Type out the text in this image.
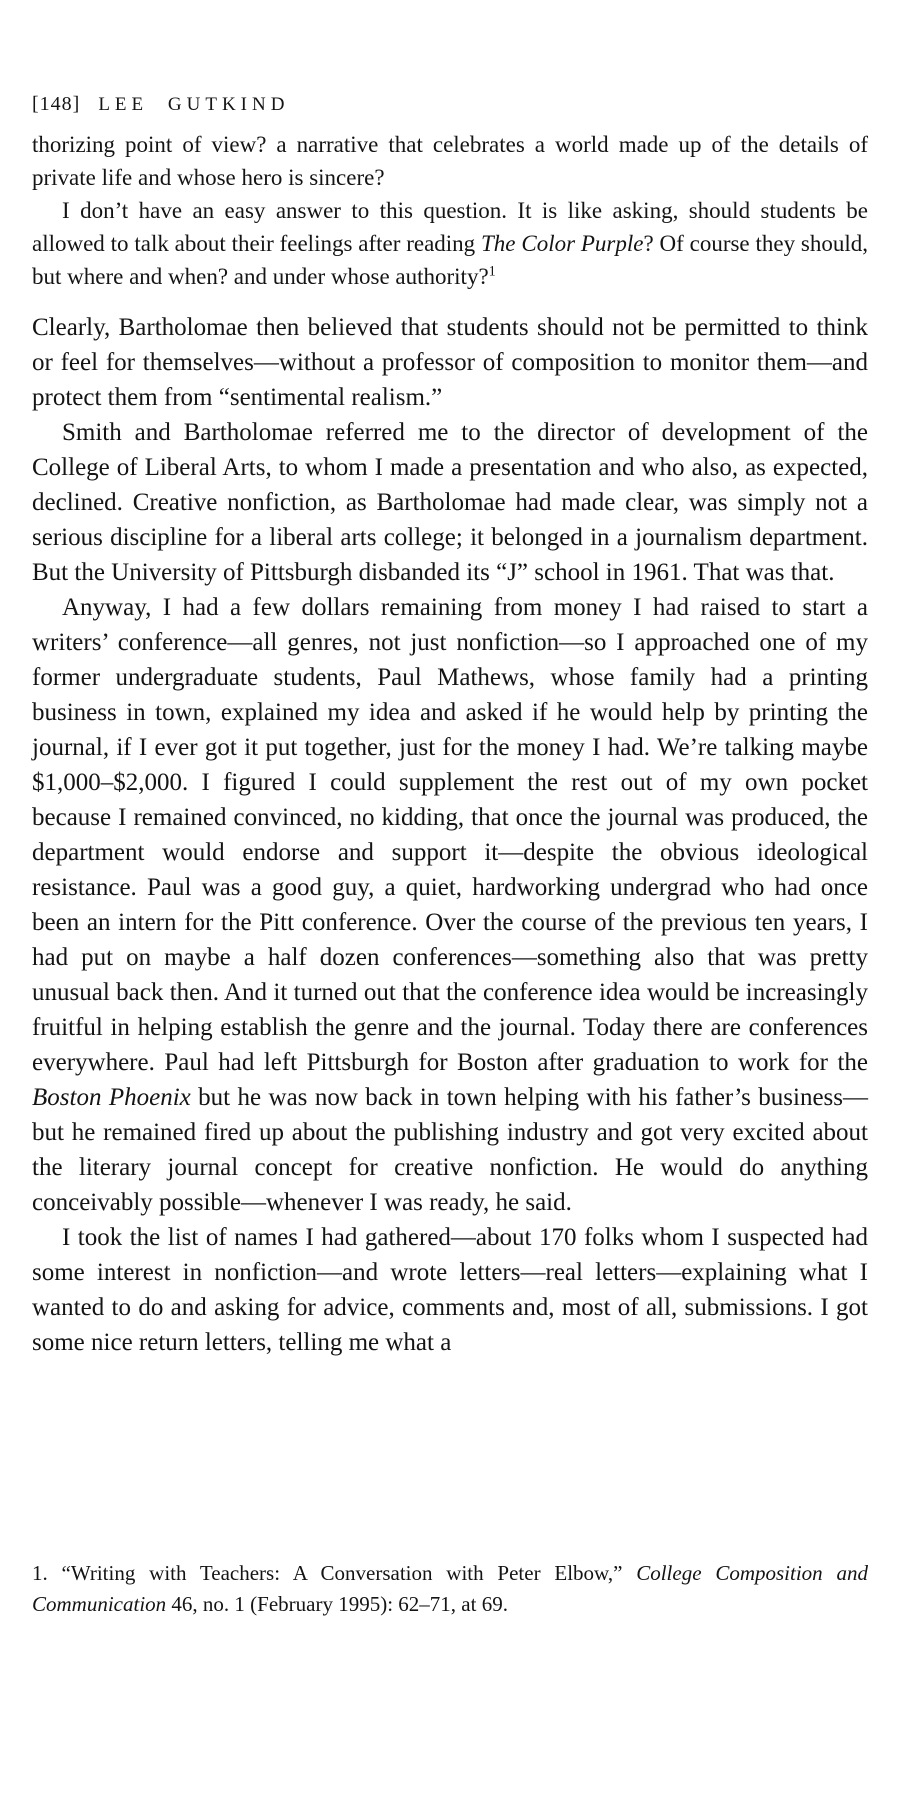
[148] LEE GUTKIND

thorizing point of view? a narrative that celebrates a world made up of the details of private life and whose hero is sincere?

I don’t have an easy answer to this question. It is like asking, should students be allowed to talk about their feelings after reading The Color Purple? Of course they should, but where and when? and under whose authority?$^1$

Clearly, Bartholomae then believed that students should not be permitted to think or feel for themselves—without a professor of composition to monitor them—and protect them from “sentimental realism.”

Smith and Bartholomae referred me to the director of development of the College of Liberal Arts, to whom I made a presentation and who also, as expected, declined. Creative nonfiction, as Bartholomae had made clear, was simply not a serious discipline for a liberal arts college; it belonged in a journalism department. But the University of Pittsburgh disbanded its “J” school in 1961. That was that.

Anyway, I had a few dollars remaining from money I had raised to start a writers’ conference—all genres, not just nonfiction—so I approached one of my former undergraduate students, Paul Mathews, whose family had a printing business in town, explained my idea and asked if he would help by printing the journal, if I ever got it put together, just for the money I had. We’re talking maybe $1,000–$2,000. I figured I could supplement the rest out of my own pocket because I remained convinced, no kidding, that once the journal was produced, the department would endorse and support it—despite the obvious ideological resistance. Paul was a good guy, a quiet, hardworking undergrad who had once been an intern for the Pitt conference. Over the course of the previous ten years, I had put on maybe a half dozen conferences—something also that was pretty unusual back then. And it turned out that the conference idea would be increasingly fruitful in helping establish the genre and the journal. Today there are conferences everywhere. Paul had left Pittsburgh for Boston after graduation to work for the Boston Phoenix but he was now back in town helping with his father’s business—but he remained fired up about the publishing industry and got very excited about the literary journal concept for creative nonfiction. He would do anything conceivably possible—whenever I was ready, he said.

I took the list of names I had gathered—about 170 folks whom I suspected had some interest in nonfiction—and wrote letters—real letters—explaining what I wanted to do and asking for advice, comments and, most of all, submissions. I got some nice return letters, telling me what a

1. “Writing with Teachers: A Conversation with Peter Elbow,” College Composition and Communication 46, no. 1 (February 1995): 62–71, at 69.
